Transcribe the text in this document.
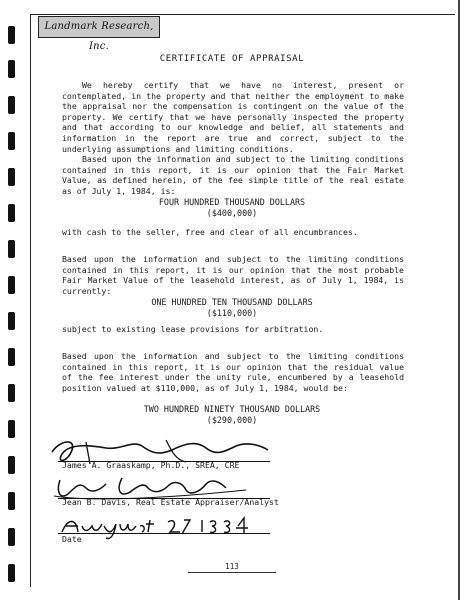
Landmark Research, Inc.
CERTIFICATE OF APPRAISAL

We hereby certify that we have no interest, present or contemplated, in the property and that neither the employment to make the appraisal nor the compensation is contingent on the value of the property. We certify that we have personally inspected the property and that according to our knowledge and belief, all statements and information in the report are true and correct, subject to the underlying assumptions and limiting conditions.

Based upon the information and subject to the limiting conditions contained in this report, it is our opinion that the Fair Market Value, as defined herein, of the fee simple title of the real estate as of July 1, 1984, is:

FOUR HUNDRED THOUSAND DOLLARS
($400,000)

with cash to the seller, free and clear of all encumbrances.

Based upon the information and subject to the limiting conditions contained in this report, it is our opinion that the most probable Fair Market Value of the leasehold interest, as of July 1, 1984, is currently:

ONE HUNDRED TEN THOUSAND DOLLARS
($110,000)

subject to existing lease provisions for arbitration.

Based upon the information and subject to the limiting conditions contained in this report, it is our opinion that the residual value of the fee interest under the unity rule, encumbered by a leasehold position valued at $110,000, as of July 1, 1984, would be:

TWO HUNDRED NINETY THOUSAND DOLLARS
($290,000)
James A. Graaskamp, Ph.D., SREA, CRE
Jean B. Davis, Real Estate Appraiser/Analyst
Date
113
